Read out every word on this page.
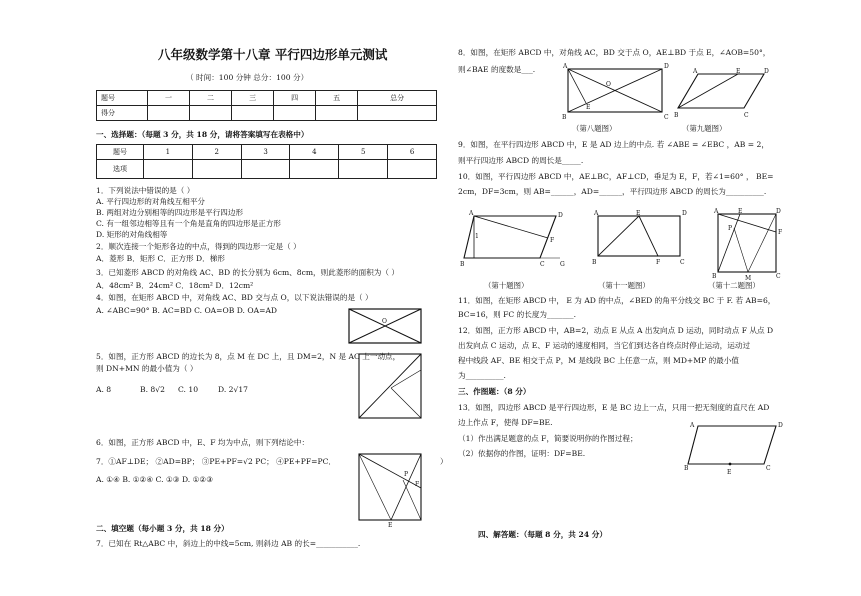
八年级数学第十八章 平行四边形单元测试
（ 时间：100 分钟 总分：100 分）
题号	一	二	三	四	五	总分
得分						
一、选择题：（每题 3 分，共 18 分，请将答案填写在表格中）
题号	1	2	3	4	5	6
选项						
1．下列说法中错误的是（ ）
A. 平行四边形的对角线互相平分
B. 两组对边分别相等的四边形是平行四边形
C. 有一组邻边相等且有一个角是直角的四边形是正方形
D. 矩形的对角线相等
2．顺次连接一个矩形各边的中点，得到的四边形一定是（ ）
A．菱形 B．矩形 C．正方形 D．梯形
3．已知菱形 ABCD 的对角线 AC、BD 的长分别为 6cm、8cm，则此菱形的面积为（ ）
A．48cm² B．24cm² C．18cm² D．12cm²
4．如图，在矩形 ABCD 中，对角线 AC、BD 交与点 O，以下说法错误的是（ ）
A. ∠ABC=90° B. AC=BD C. OA=OB D. OA=AD
O
5．如图，正方形 ABCD 的边长为 8，点 M 在 DC 上，且 DM=2，N 是 AC 上一动点，
则 DN+MN 的最小值为（ ）
A. 8	B. 8√2 C. 10	D. 2√17
6．如图，正方形 ABCD 中，E、F 均为中点，则下列结论中：
7．①AF⊥DE； ②AD=BP； ③PE+PF=√2 PC； ④PE+PF=PC．	）
A. ①④ B. ①②④ C. ①③ D. ①②③
P
F
E
二、填空题（每小题 3 分，共 18 分）
7．已知在 Rt△ABC 中，斜边上的中线=5cm, 则斜边 AB 的长=___________.
8．如图，在矩形 ABCD 中，对角线 AC，BD 交于点 O，AE⊥BD 于点 E，∠AOB=50°，
则∠BAE 的度数是___.	A	D
B	C
O
E
A	E	D
B	C
（第八题图）	（第九题图）
9．如图，在平行四边形 ABCD 中，E 是 AD 边上的中点. 若 ∠ABE = ∠EBC ，AB = 2，
则平行四边形 ABCD 的周长是_____.
10．如图，平行四边形 ABCD 中，AE⊥BC，AF⊥CD，垂足为 E，F，若∠1=60° ， BE=
2cm，DF=3cm，则 AB=______，AD=______，平行四边形 ABCD 的周长为__________.
A	D
B	C
1
F
G
A	E	D
B	F	C
A	E	D
P
F
B	M	C
（第十题图）	（第十一题图）	（第十二题图）
11．如图，在矩形 ABCD 中， E 为 AD 的中点，∠BED 的角平分线交 BC 于 F. 若 AB=6，
BC=16，则 FC 的长度为_______.
12．如图，正方形 ABCD 中，AB=2，动点 E 从点 A 出发向点 D 运动，同时动点 F 从点 D
出发向点 C 运动，点 E、F 运动的速度相同，当它们到达各自终点时停止运动，运动过
程中线段 AF、BE 相交于点 P，M 是线段 BC 上任意一点，则 MD+MP 的最小值
为__________.
三、作图题：（8 分）
13．如图，四边形 ABCD 是平行四边形，E 是 BC 边上一点，只用一把无刻度的直尺在 AD
边上作点 F，使得 DF=BE.
（1）作出满足题意的点 F，简要说明你的作图过程；
（2）依据你的作图，证明：DF=BE.
A	D
B
E
C
四、解答题：（每题 8 分，共 24 分）
